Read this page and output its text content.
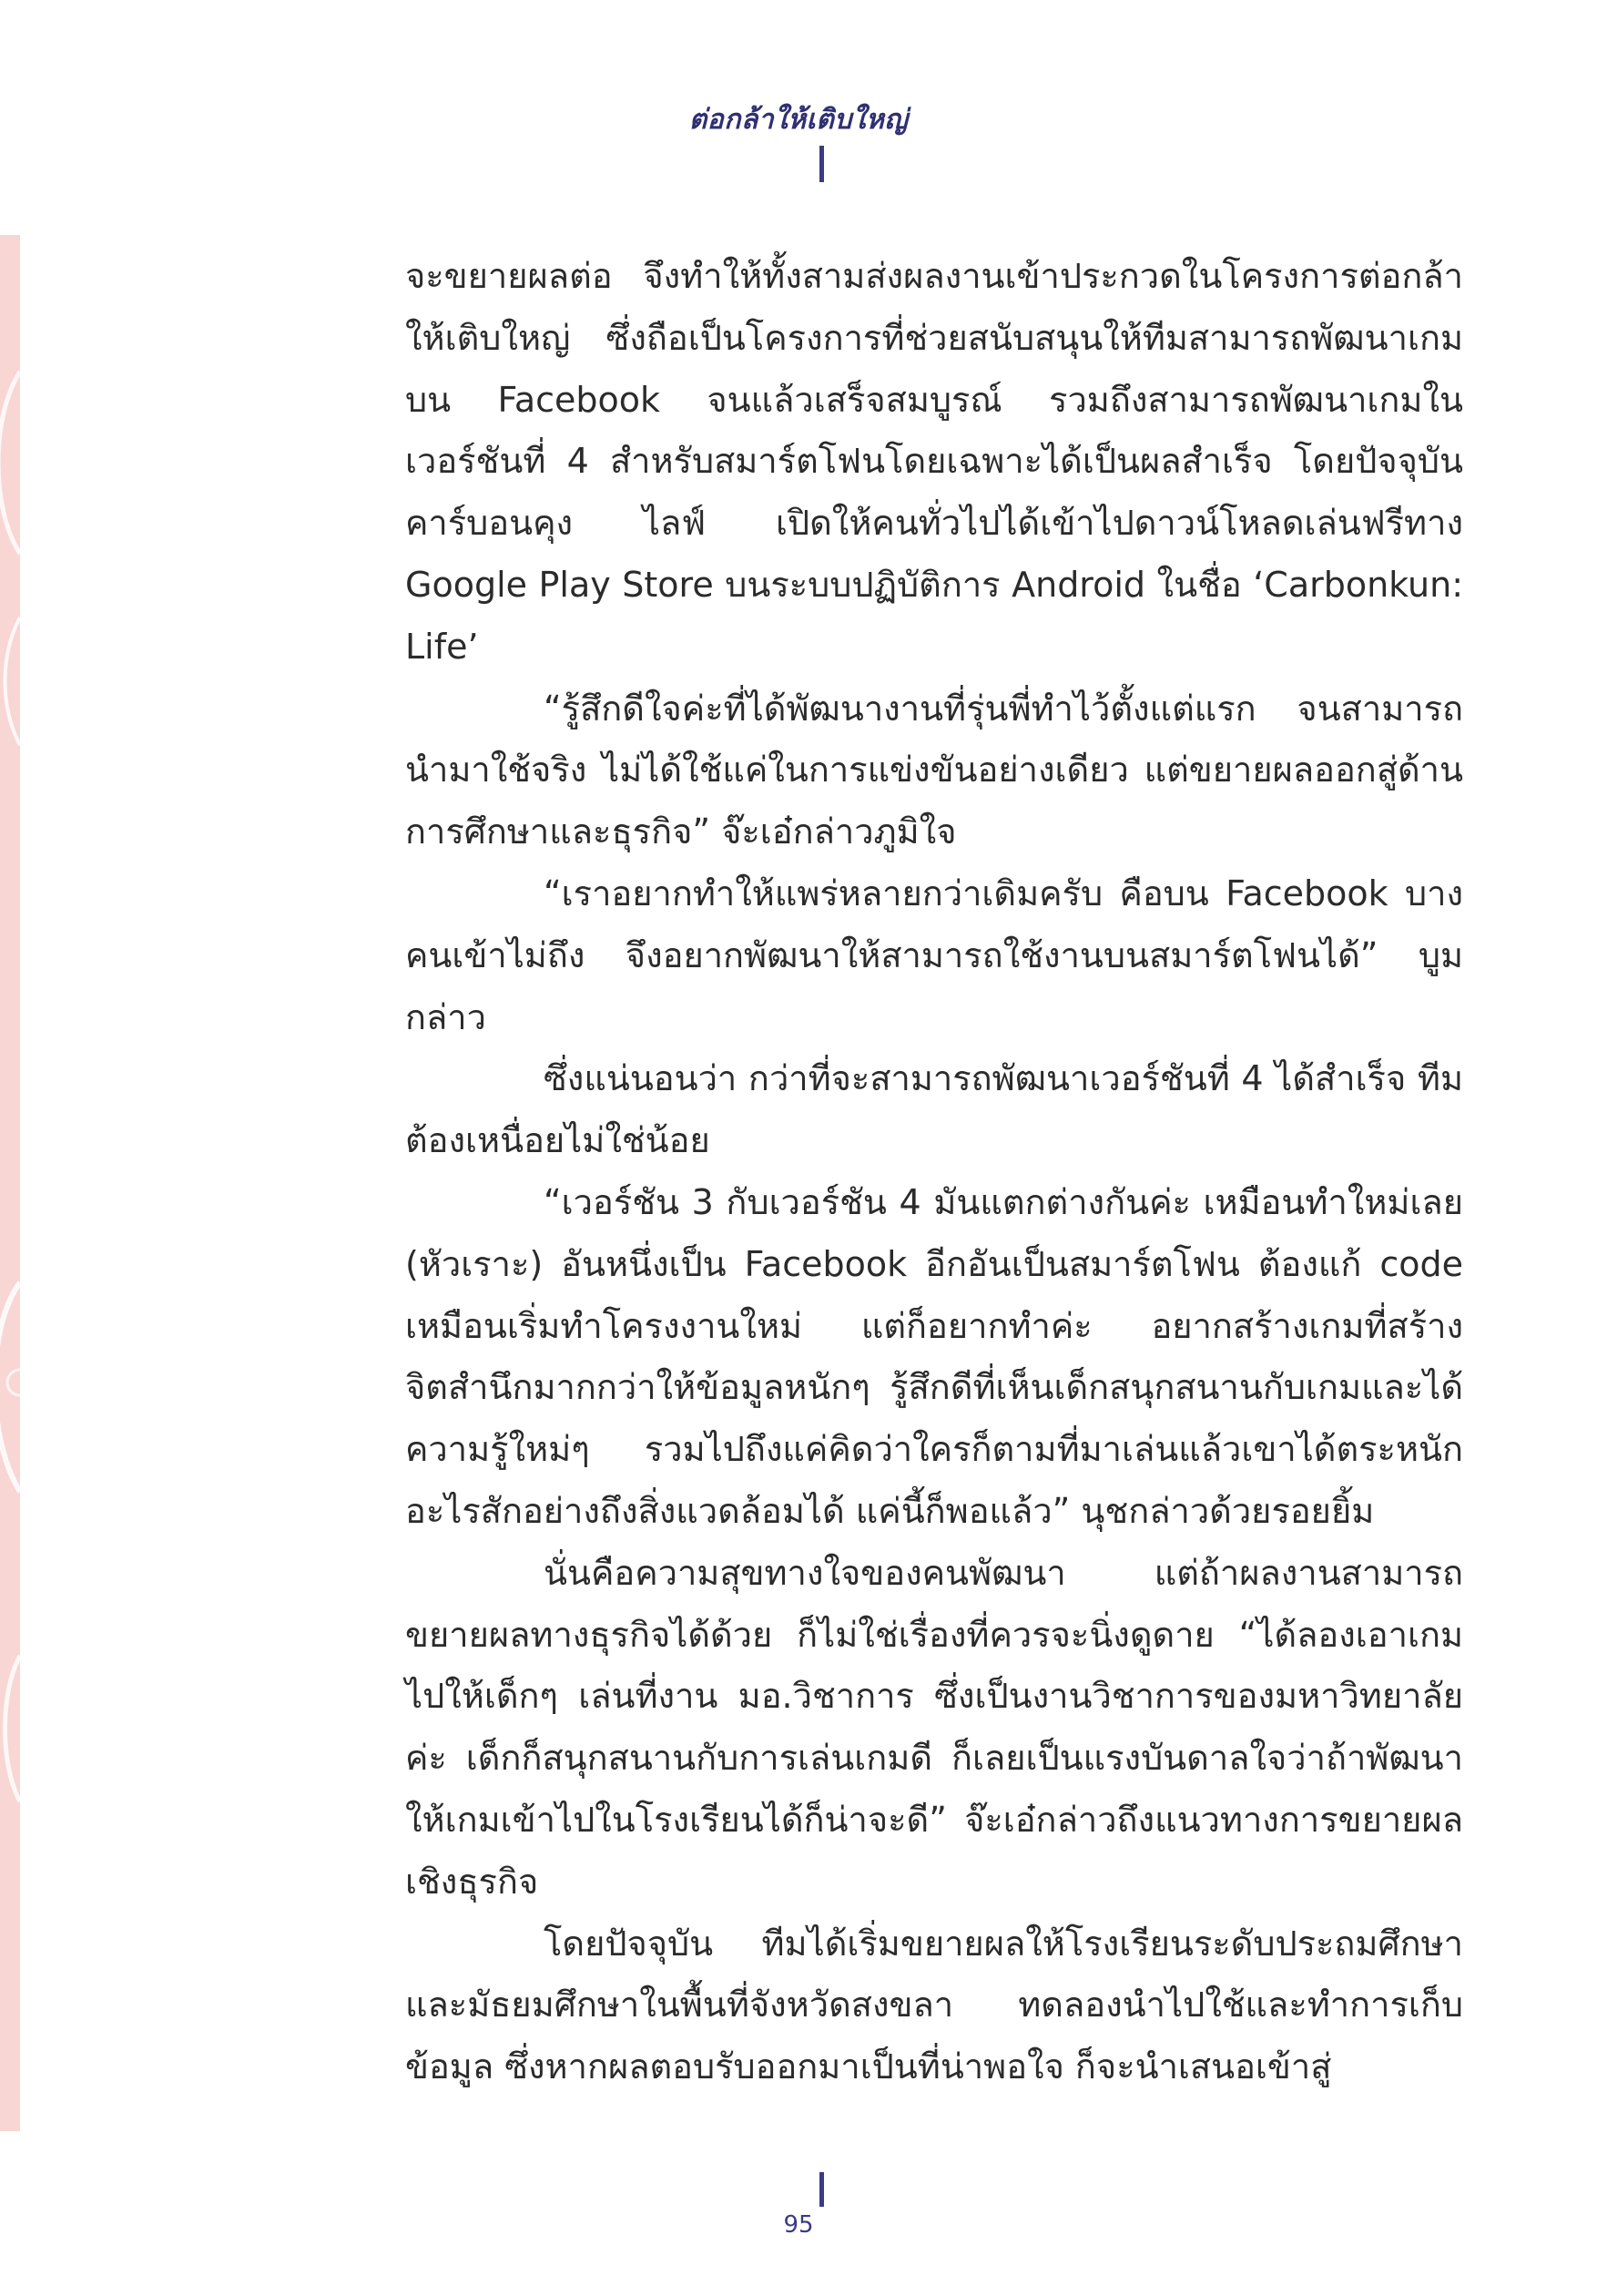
ต่อกล้าให้เติบใหญ่

จะขยายผลต่อ จึงทำให้ทั้งสามส่งผลงานเข้าประกวดในโครงการต่อกล้าให้เติบใหญ่ ซึ่งถือเป็นโครงการที่ช่วยสนับสนุนให้ทีมสามารถพัฒนาเกมบน Facebook จนแล้วเสร็จสมบูรณ์ รวมถึงสามารถพัฒนาเกมในเวอร์ชันที่ 4 สำหรับสมาร์ตโฟนโดยเฉพาะได้เป็นผลสำเร็จ โดยปัจจุบันคาร์บอนคุง ไลฟ์ เปิดให้คนทั่วไปได้เข้าไปดาวน์โหลดเล่นฟรีทาง Google Play Store บนระบบปฏิบัติการ Android ในชื่อ ‘Carbonkun: Life’

“รู้สึกดีใจค่ะที่ได้พัฒนางานที่รุ่นพี่ทำไว้ตั้งแต่แรก จนสามารถนำมาใช้จริง ไม่ได้ใช้แค่ในการแข่งขันอย่างเดียว แต่ขยายผลออกสู่ด้านการศึกษาและธุรกิจ” จ๊ะเอ๋กล่าวภูมิใจ

“เราอยากทำให้แพร่หลายกว่าเดิมครับ คือบน Facebook บางคนเข้าไม่ถึง จึงอยากพัฒนาให้สามารถใช้งานบนสมาร์ตโฟนได้” บูมกล่าว

ซึ่งแน่นอนว่า กว่าที่จะสามารถพัฒนาเวอร์ชันที่ 4 ได้สำเร็จ ทีมต้องเหนื่อยไม่ใช่น้อย

“เวอร์ชัน 3 กับเวอร์ชัน 4 มันแตกต่างกันค่ะ เหมือนทำใหม่เลย (หัวเราะ) อันหนึ่งเป็น Facebook อีกอันเป็นสมาร์ตโฟน ต้องแก้ code เหมือนเริ่มทำโครงงานใหม่ แต่ก็อยากทำค่ะ อยากสร้างเกมที่สร้างจิตสำนึกมากกว่าให้ข้อมูลหนักๆ รู้สึกดีที่เห็นเด็กสนุกสนานกับเกมและได้ความรู้ใหม่ๆ รวมไปถึงแค่คิดว่าใครก็ตามที่มาเล่นแล้วเขาได้ตระหนักอะไรสักอย่างถึงสิ่งแวดล้อมได้ แค่นี้ก็พอแล้ว” นุชกล่าวด้วยรอยยิ้ม

นั่นคือความสุขทางใจของคนพัฒนา แต่ถ้าผลงานสามารถขยายผลทางธุรกิจได้ด้วย ก็ไม่ใช่เรื่องที่ควรจะนิ่งดูดาย “ได้ลองเอาเกมไปให้เด็กๆ เล่นที่งาน มอ.วิชาการ ซึ่งเป็นงานวิชาการของมหาวิทยาลัย ค่ะ เด็กก็สนุกสนานกับการเล่นเกมดี ก็เลยเป็นแรงบันดาลใจว่าถ้าพัฒนาให้เกมเข้าไปในโรงเรียนได้ก็น่าจะดี” จ๊ะเอ๋กล่าวถึงแนวทางการขยายผลเชิงธุรกิจ

โดยปัจจุบัน ทีมได้เริ่มขยายผลให้โรงเรียนระดับประถมศึกษาและมัธยมศึกษาในพื้นที่จังหวัดสงขลา ทดลองนำไปใช้และทำการเก็บข้อมูล ซึ่งหากผลตอบรับออกมาเป็นที่น่าพอใจ ก็จะนำเสนอเข้าสู่

95
